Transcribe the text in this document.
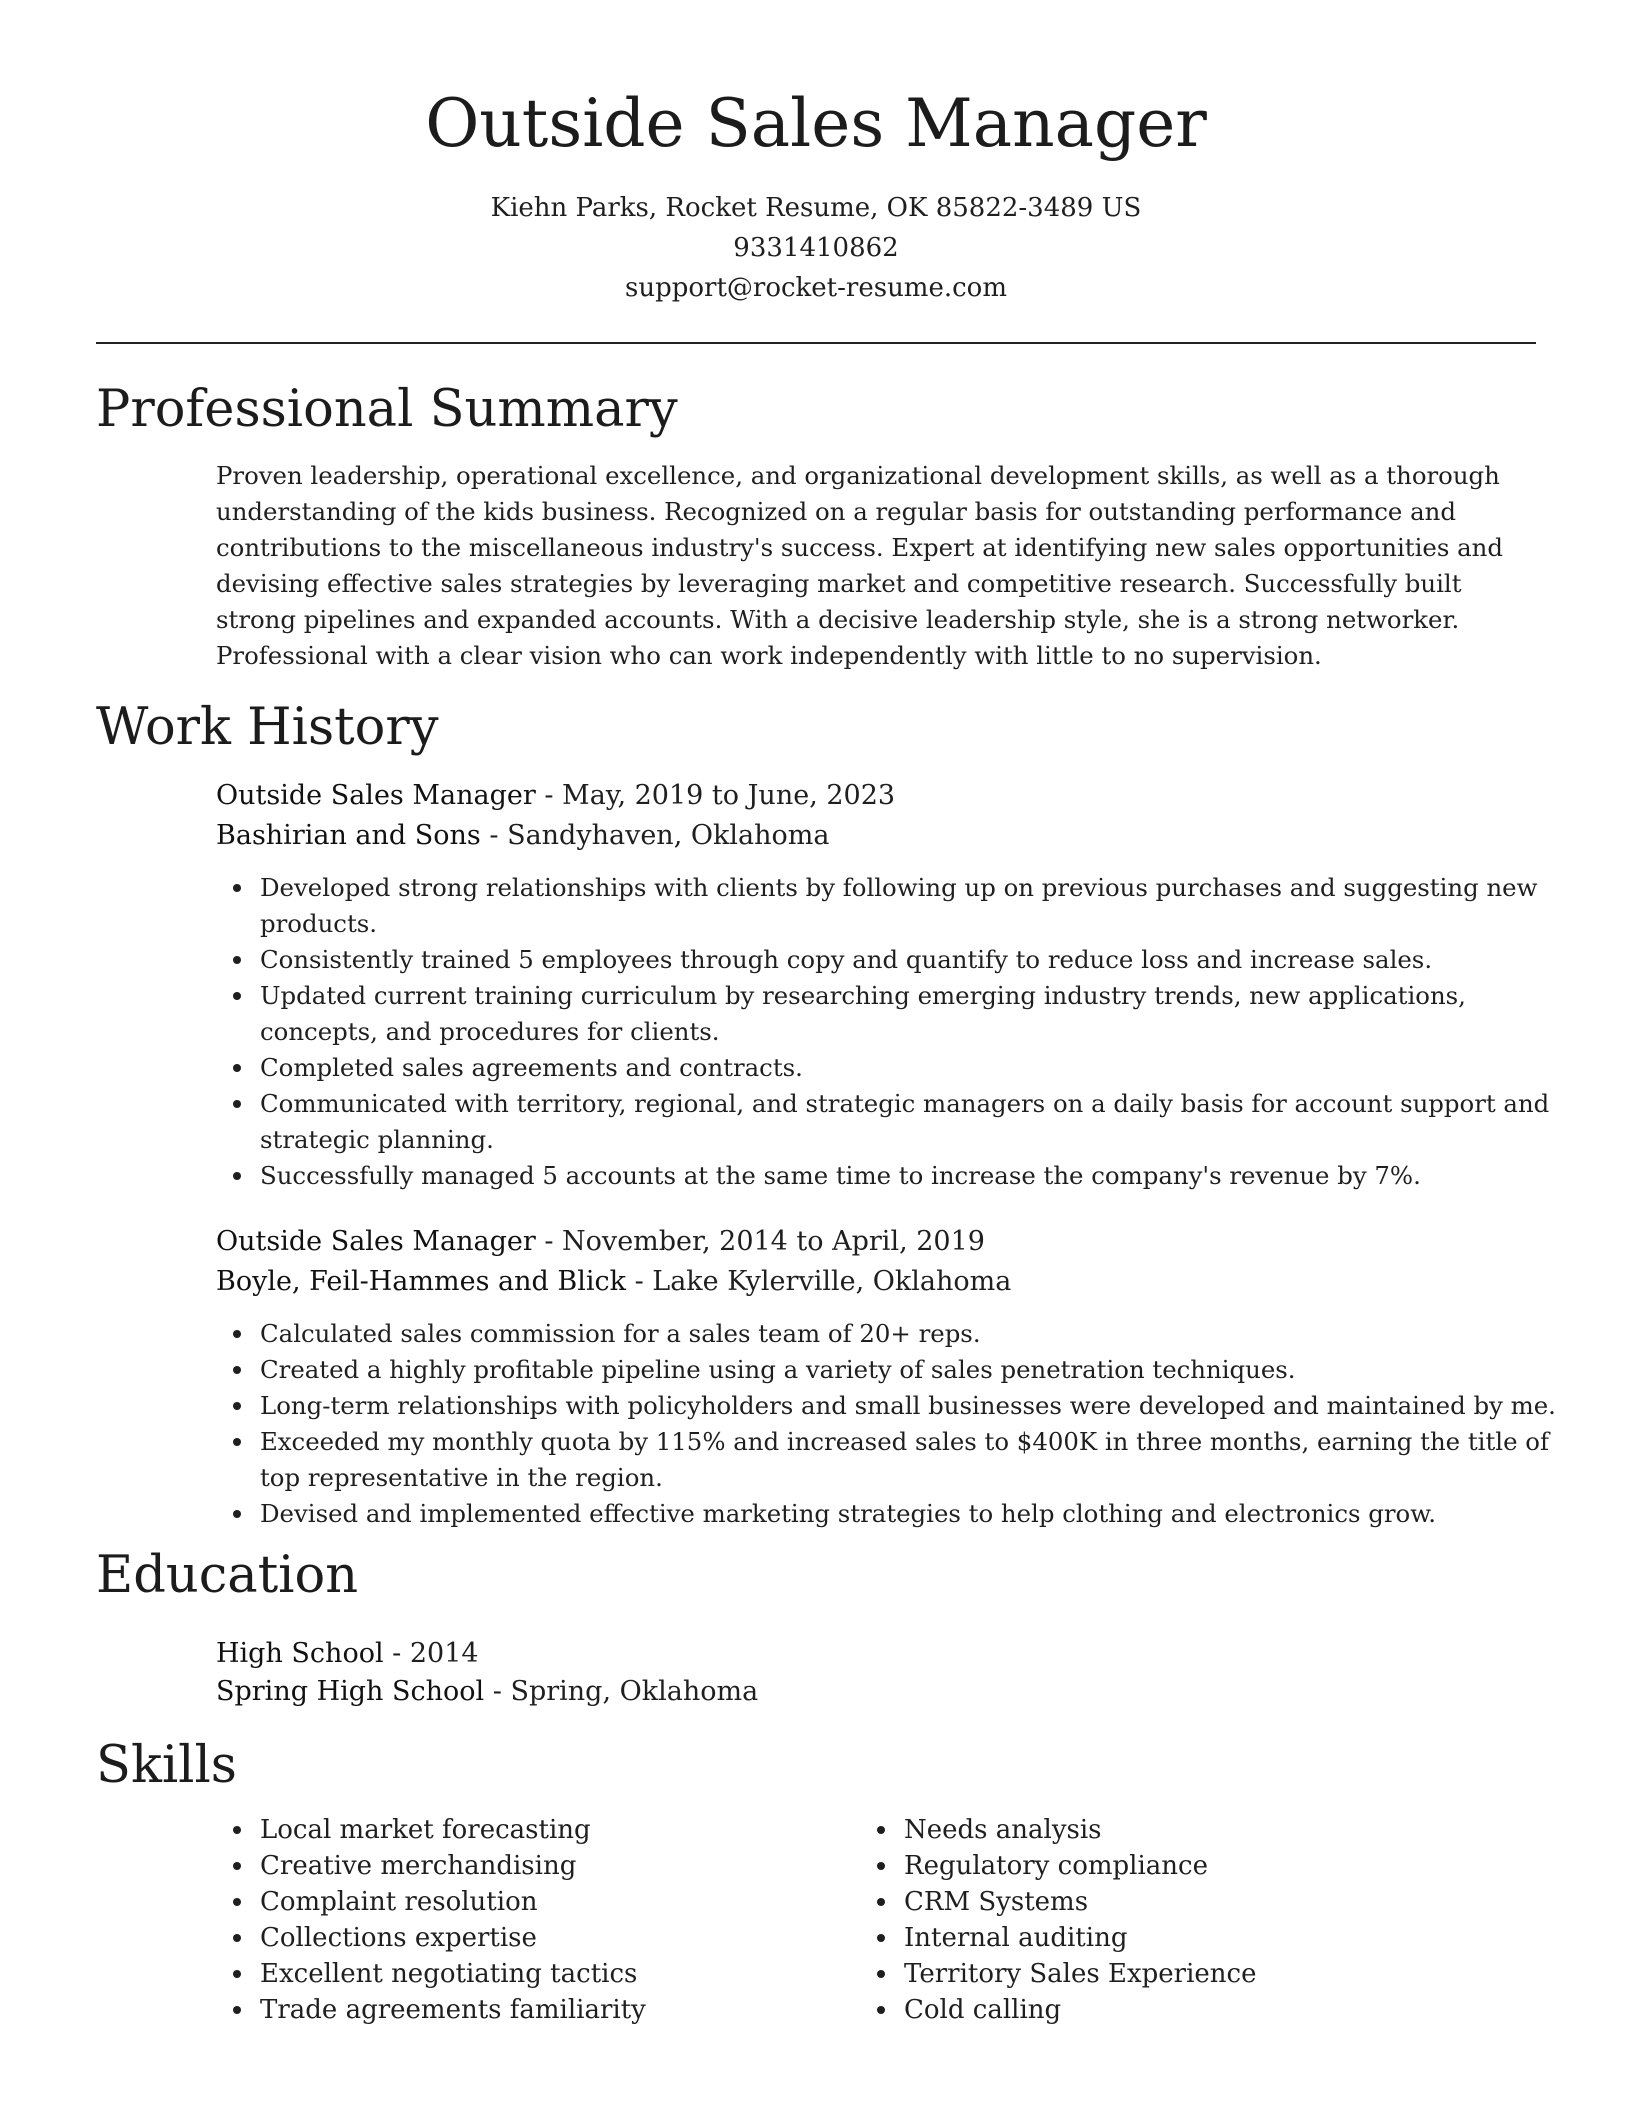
Outside Sales Manager
Kiehn Parks, Rocket Resume, OK 85822-3489 US
9331410862
support@rocket-resume.com
Professional Summary

Proven leadership, operational excellence, and organizational development skills, as well as a thorough understanding of the kids business. Recognized on a regular basis for outstanding performance and contributions to the miscellaneous industry's success. Expert at identifying new sales opportunities and devising effective sales strategies by leveraging market and competitive research. Successfully built strong pipelines and expanded accounts. With a decisive leadership style, she is a strong networker. Professional with a clear vision who can work independently with little to no supervision.

Work History
Outside Sales Manager - May, 2019 to June, 2023
Bashirian and Sons - Sandyhaven, Oklahoma
Developed strong relationships with clients by following up on previous purchases and suggesting new products.
Consistently trained 5 employees through copy and quantify to reduce loss and increase sales.
Updated current training curriculum by researching emerging industry trends, new applications, concepts, and procedures for clients.
Completed sales agreements and contracts.
Communicated with territory, regional, and strategic managers on a daily basis for account support and strategic planning.
Successfully managed 5 accounts at the same time to increase the company's revenue by 7%.
Outside Sales Manager - November, 2014 to April, 2019
Boyle, Feil-Hammes and Blick - Lake Kylerville, Oklahoma
Calculated sales commission for a sales team of 20+ reps.
Created a highly profitable pipeline using a variety of sales penetration techniques.
Long-term relationships with policyholders and small businesses were developed and maintained by me.
Exceeded my monthly quota by 115% and increased sales to $400K in three months, earning the title of top representative in the region.
Devised and implemented effective marketing strategies to help clothing and electronics grow.
Education
High School - 2014
Spring High School - Spring, Oklahoma
Skills
Local market forecasting
Creative merchandising
Complaint resolution
Collections expertise
Excellent negotiating tactics
Trade agreements familiarity
Needs analysis
Regulatory compliance
CRM Systems
Internal auditing
Territory Sales Experience
Cold calling
